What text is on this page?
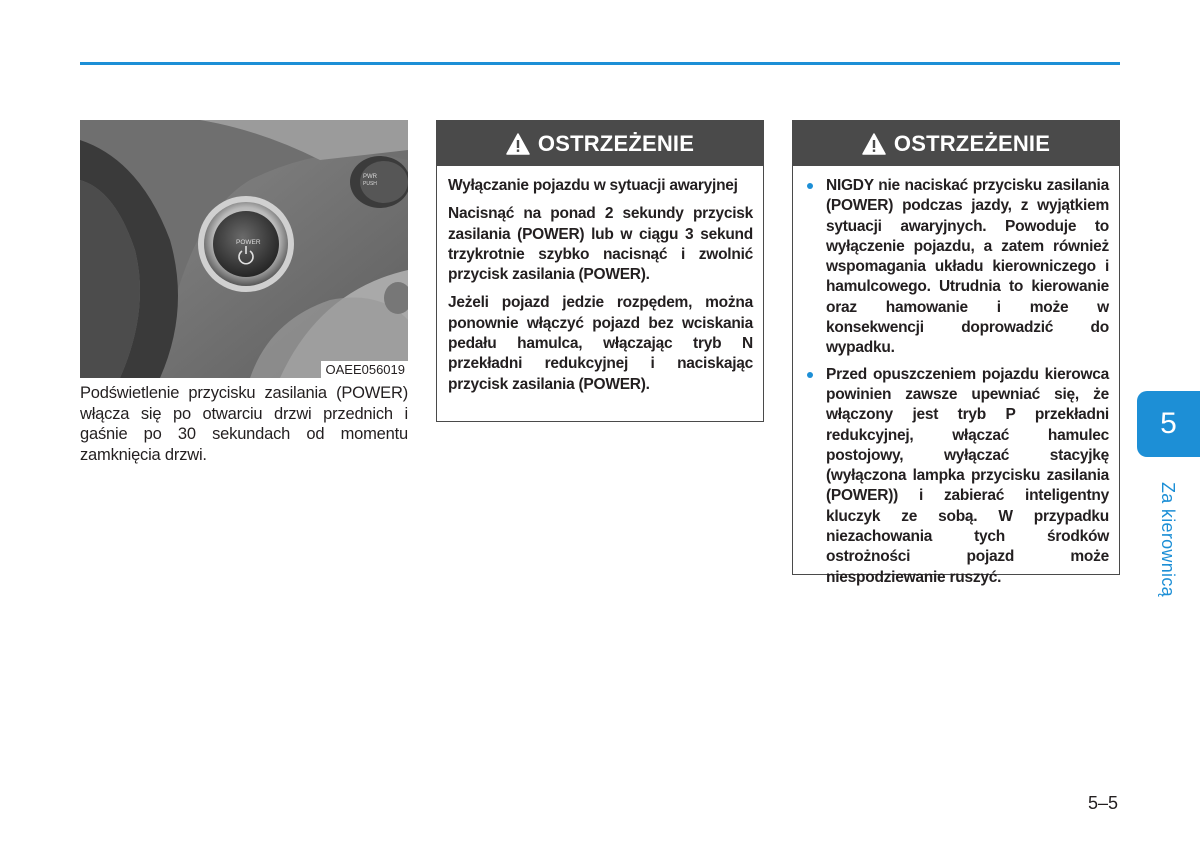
PWR
PUSH
POWER
OAEE056019
Podświetlenie przycisku zasilania (POWER) włącza się po otwarciu drzwi przednich i gaśnie po 30 sekundach od momentu zamknięcia drzwi.
OSTRZEŻENIE

Wyłączanie pojazdu w sytuacji awaryjnej

Nacisnąć na ponad 2 sekundy przycisk zasilania (POWER) lub w ciągu 3 sekund trzykrotnie szybko nacisnąć i zwolnić przycisk zasilania (POWER).

Jeżeli pojazd jedzie rozpędem, można ponownie włączyć pojazd bez wciskania pedału hamulca, włączając tryb N przekładni redukcyjnej i naciskając przycisk zasilania (POWER).

OSTRZEŻENIE
NIGDY nie naciskać przycisku zasilania (POWER) podczas jazdy, z wyjątkiem sytuacji awaryjnych. Powoduje to wyłączenie pojazdu, a zatem również wspomagania układu kierowniczego i hamulcowego. Utrudnia to kierowanie oraz hamowanie i może w konsekwencji doprowadzić do wypadku.
Przed opuszczeniem pojazdu kierowca powinien zawsze upewniać się, że włączony jest tryb P przekładni redukcyjnej, włączać hamulec postojowy, wyłączać stacyjkę (wyłączona lampka przycisku zasilania (POWER)) i zabierać inteligentny kluczyk ze sobą. W przypadku niezachowania tych środków ostrożności pojazd może niespodziewanie ruszyć.
5
Za kierownicą
5–5
